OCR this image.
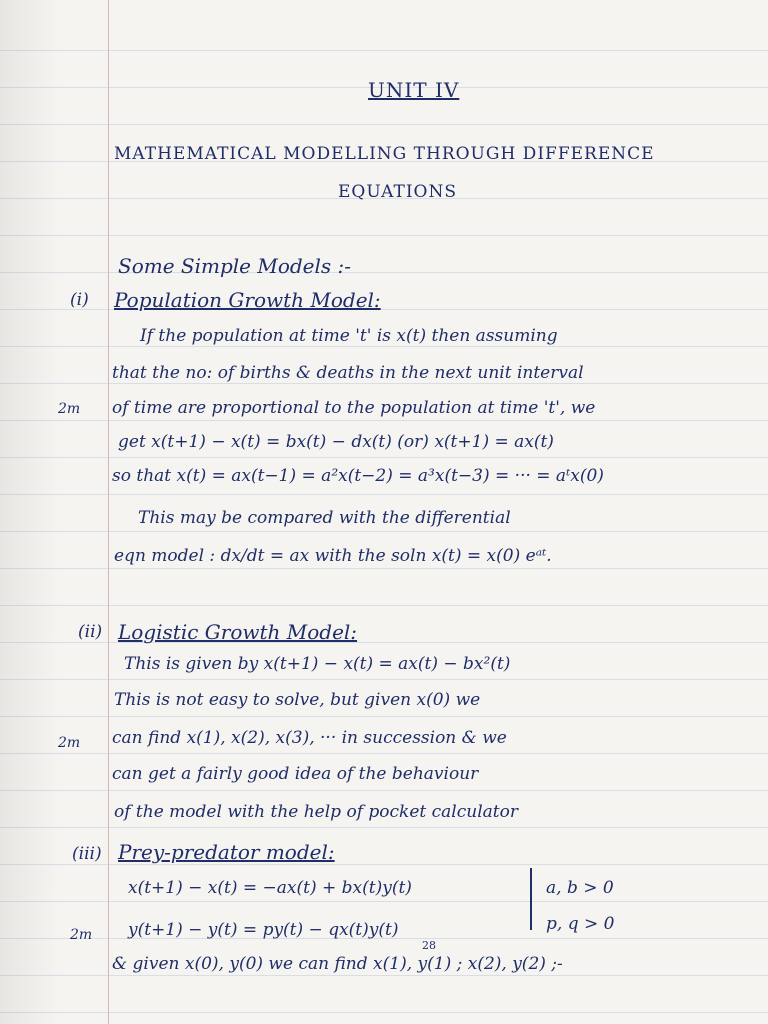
UNIT IV
MATHEMATICAL MODELLING THROUGH DIFFERENCE
EQUATIONS
Some Simple Models :-
(i) Population Growth Model:
If the population at time 't' is x(t) then assuming
that the no: of births & deaths in the next unit interval
2m of time are proportional to the population at time 't', we
get x(t+1) − x(t) = bx(t) − dx(t) (or) x(t+1) = ax(t)
so that x(t) = ax(t−1) = a²x(t−2) = a³x(t−3) = ··· = aᵗx(0)
This may be compared with the differential
eqn model : dx/dt = ax with the soln x(t) = x(0) eᵃᵗ.
(ii) Logistic Growth Model:
This is given by x(t+1) − x(t) = ax(t) − bx²(t)
This is not easy to solve, but given x(0) we
2m can find x(1), x(2), x(3), ··· in succession & we
can get a fairly good idea of the behaviour
of the model with the help of pocket calculator
(iii) Prey-predator model:
x(t+1) − x(t) = −ax(t) + bx(t)y(t)
2m y(t+1) − y(t) = py(t) − qx(t)y(t)
a, b > 0
p, q > 0
28
& given x(0), y(0) we can find x(1), y(1) ; x(2), y(2) ;-
